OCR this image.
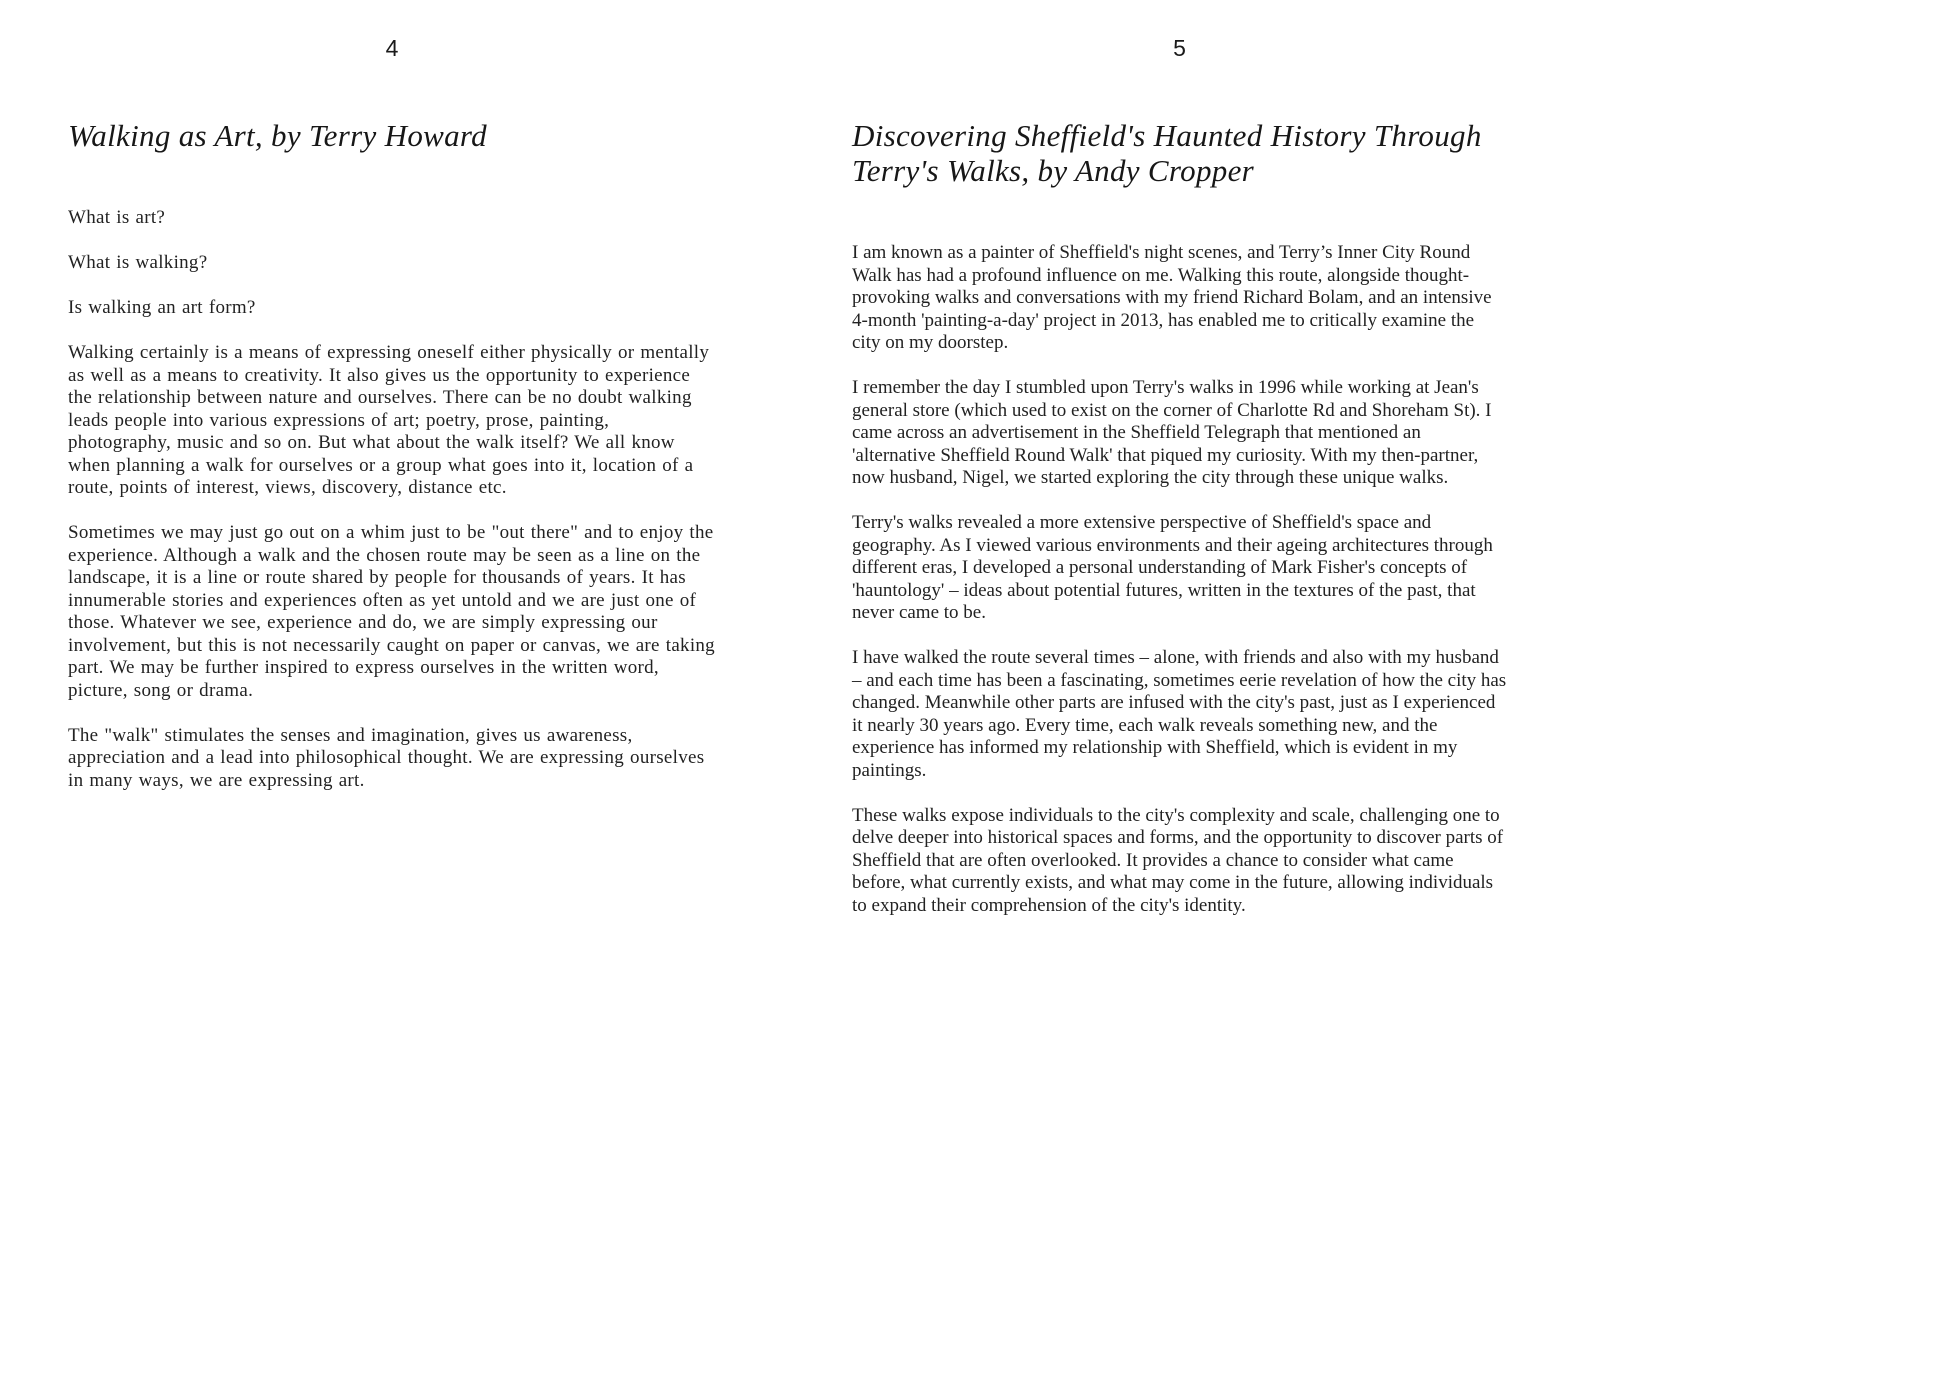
4
Walking as Art, by Terry Howard

What is art?

What is walking?

Is walking an art form?

Walking certainly is a means of expressing oneself either physically or mentally as well as a means to creativity. It also gives us the opportunity to experience the relationship between nature and ourselves. There can be no doubt walking leads people into various expressions of art; poetry, prose, painting, photography, music and so on. But what about the walk itself? We all know when planning a walk for ourselves or a group what goes into it, location of a route, points of interest, views, discovery, distance etc.

Sometimes we may just go out on a whim just to be "out there" and to enjoy the experience. Although a walk and the chosen route may be seen as a line on the landscape, it is a line or route shared by people for thousands of years. It has innumerable stories and experiences often as yet untold and we are just one of those. Whatever we see, experience and do, we are simply expressing our involvement, but this is not necessarily caught on paper or canvas, we are taking part. We may be further inspired to express ourselves in the written word, picture, song or drama.

The "walk" stimulates the senses and imagination, gives us awareness, appreciation and a lead into philosophical thought. We are expressing ourselves in many ways, we are expressing art.

5
Discovering Sheffield's Haunted History Through
Terry's Walks, by Andy Cropper

I am known as a painter of Sheffield's night scenes, and Terry’s Inner City Round Walk has had a profound influence on me. Walking this route, alongside thought-provoking walks and conversations with my friend Richard Bolam, and an intensive 4-month 'painting-a-day' project in 2013, has enabled me to critically examine the city on my doorstep.

I remember the day I stumbled upon Terry's walks in 1996 while working at Jean's general store (which used to exist on the corner of Charlotte Rd and Shoreham St). I came across an advertisement in the Sheffield Telegraph that mentioned an 'alternative Sheffield Round Walk' that piqued my curiosity. With my then-partner, now husband, Nigel, we started exploring the city through these unique walks.

Terry's walks revealed a more extensive perspective of Sheffield's space and geography. As I viewed various environments and their ageing architectures through different eras, I developed a personal understanding of Mark Fisher's concepts of 'hauntology' – ideas about potential futures, written in the textures of the past, that never came to be.

I have walked the route several times – alone, with friends and also with my husband – and each time has been a fascinating, sometimes eerie revelation of how the city has changed. Meanwhile other parts are infused with the city's past, just as I experienced it nearly 30 years ago. Every time, each walk reveals something new, and the experience has informed my relationship with Sheffield, which is evident in my paintings.

These walks expose individuals to the city's complexity and scale, challenging one to delve deeper into historical spaces and forms, and the opportunity to discover parts of Sheffield that are often overlooked. It provides a chance to consider what came before, what currently exists, and what may come in the future, allowing individuals to expand their comprehension of the city's identity.
